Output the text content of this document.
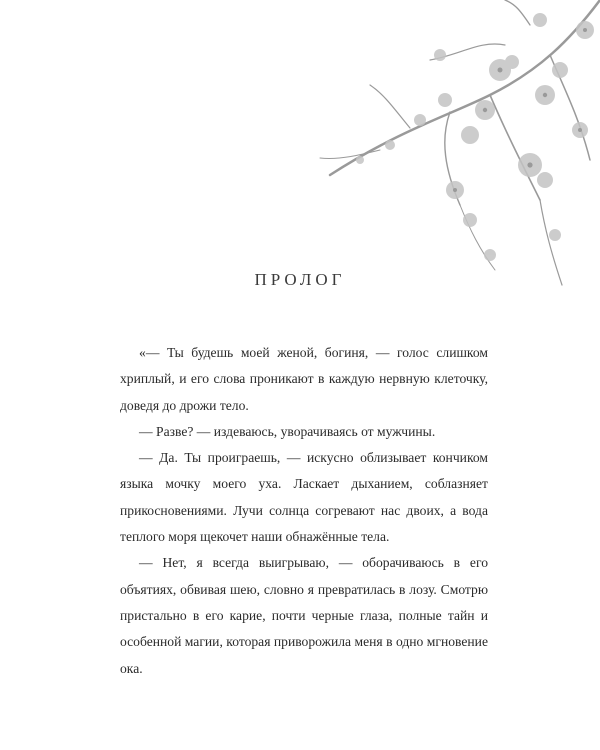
ПРОЛОГ

«— Ты будешь моей женой, богиня, — голос слишком хриплый, и его слова проникают в каждую нервную клеточку, доведя до дрожи тело.

— Разве? — издеваюсь, уворачиваясь от мужчины.

— Да. Ты проиграешь, — искусно облизывает кончиком языка мочку моего уха. Ласкает дыханием, соблазняет прикосновениями. Лучи солнца согревают нас двоих, а вода теплого моря щекочет наши обнажённые тела.

— Нет, я всегда выигрываю, — оборачиваюсь в его объятиях, обвивая шею, словно я превратилась в лозу. Смотрю пристально в его карие, почти черные глаза, полные тайн и особенной магии, которая приворожила меня в одно мгновение ока.
